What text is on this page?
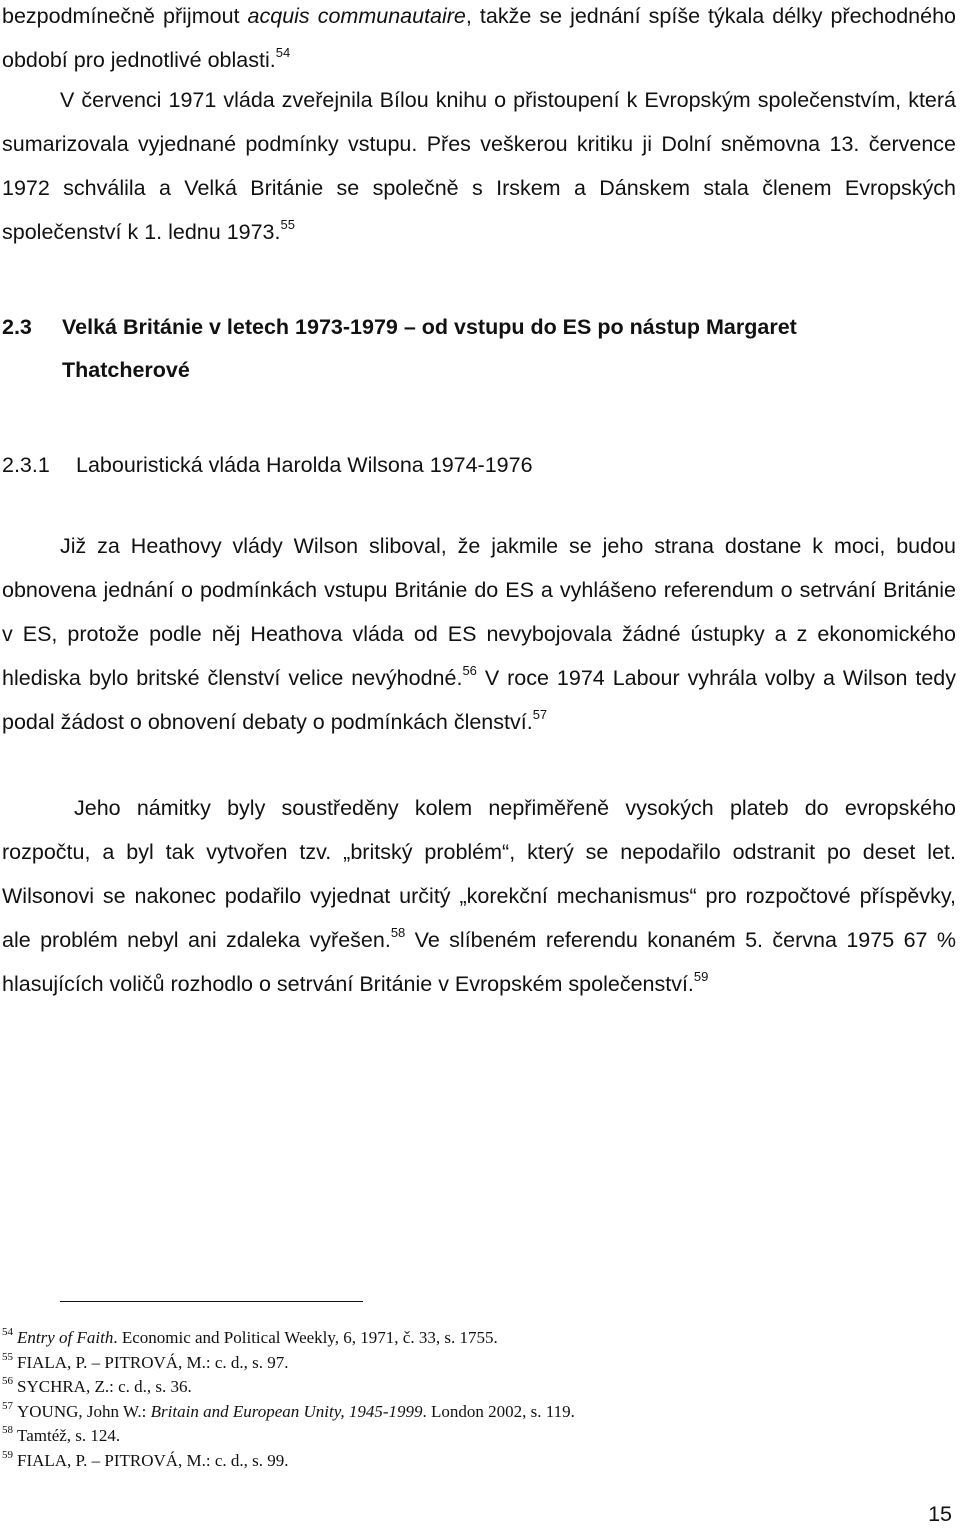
bezpodmínečně přijmout acquis communautaire, takže se jednání spíše týkala délky přechodného období pro jednotlivé oblasti.$^{54}$

V červenci 1971 vláda zveřejnila Bílou knihu o přistoupení k Evropským společenstvím, která sumarizovala vyjednané podmínky vstupu. Přes veškerou kritiku ji Dolní sněmovna 13. července 1972 schválila a Velká Británie se společně s Irskem a Dánskem stala členem Evropských společenství k 1. lednu 1973.55

2.3 Velká Británie v letech 1973-1979 – od vstupu do ES po nástup Margaret Thatcherové
2.3.1 Labouristická vláda Harolda Wilsona 1974-1976

Již za Heathovy vlády Wilson sliboval, že jakmile se jeho strana dostane k moci, budou obnovena jednání o podmínkách vstupu Británie do ES a vyhlášeno referendum o setrvání Británie v ES, protože podle něj Heathova vláda od ES nevybojovala žádné ústupky a z ekonomického hlediska bylo britské členství velice nevýhodné.$^{56}$ V roce 1974 Labour vyhrála volby a Wilson tedy podal žádost o obnovení debaty o podmínkách členství.$^{57}$

Jeho námitky byly soustředěny kolem nepřiměřeně vysokých plateb do evropského rozpočtu, a byl tak vytvořen tzv. „britský problém“, který se nepodařilo odstranit po deset let. Wilsonovi se nakonec podařilo vyjednat určitý „korekční mechanismus“ pro rozpočtové příspěvky, ale problém nebyl ani zdaleka vyřešen.$^{58}$ Ve slíbeném referendu konaném 5. června 1975 67 % hlasujících voličů rozhodlo o setrvání Británie v Evropském společenství.$^{59}$

$^{54}$ Entry of Faith. Economic and Political Weekly, 6, 1971, č. 33, s. 1755.
$^{55}$ FIALA, P. – PITROVÁ, M.: c. d., s. 97.
$^{56}$ SYCHRA, Z.: c. d., s. 36.
$^{57}$ YOUNG, John W.: Britain and European Unity, 1945-1999. London 2002, s. 119.
$^{58}$ Tamtéž, s. 124.
$^{59}$ FIALA, P. – PITROVÁ, M.: c. d., s. 99.
15
